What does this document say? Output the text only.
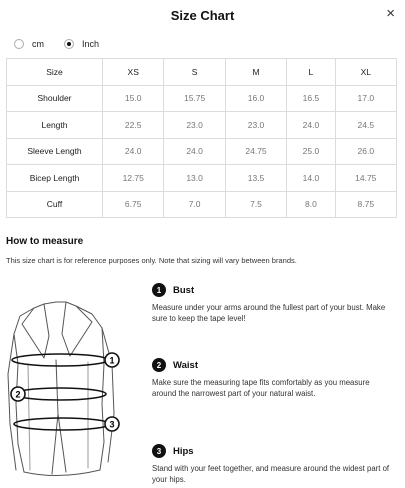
Size Chart	×
cm	Inch
Size	XS	S	M	L	XL
Shoulder	15.0	15.75	16.0	16.5	17.0
Length	22.5	23.0	23.0	24.0	24.5
Sleeve Length	24.0	24.0	24.75	25.0	26.0
Bicep Length	12.75	13.0	13.5	14.0	14.75
Cuff	6.75	7.0	7.5	8.0	8.75
How to measure
This size chart is for reference purposes only. Note that sizing will vary between brands.
1
2
3
1	Bust
Measure under your arms around the fullest part of your bust. Make sure to keep the tape level!
2	Waist
Make sure the measuring tape fits comfortably as you measure around the narrowest part of your natural waist.
3	Hips
Stand with your feet together, and measure around the widest part of your hips.
